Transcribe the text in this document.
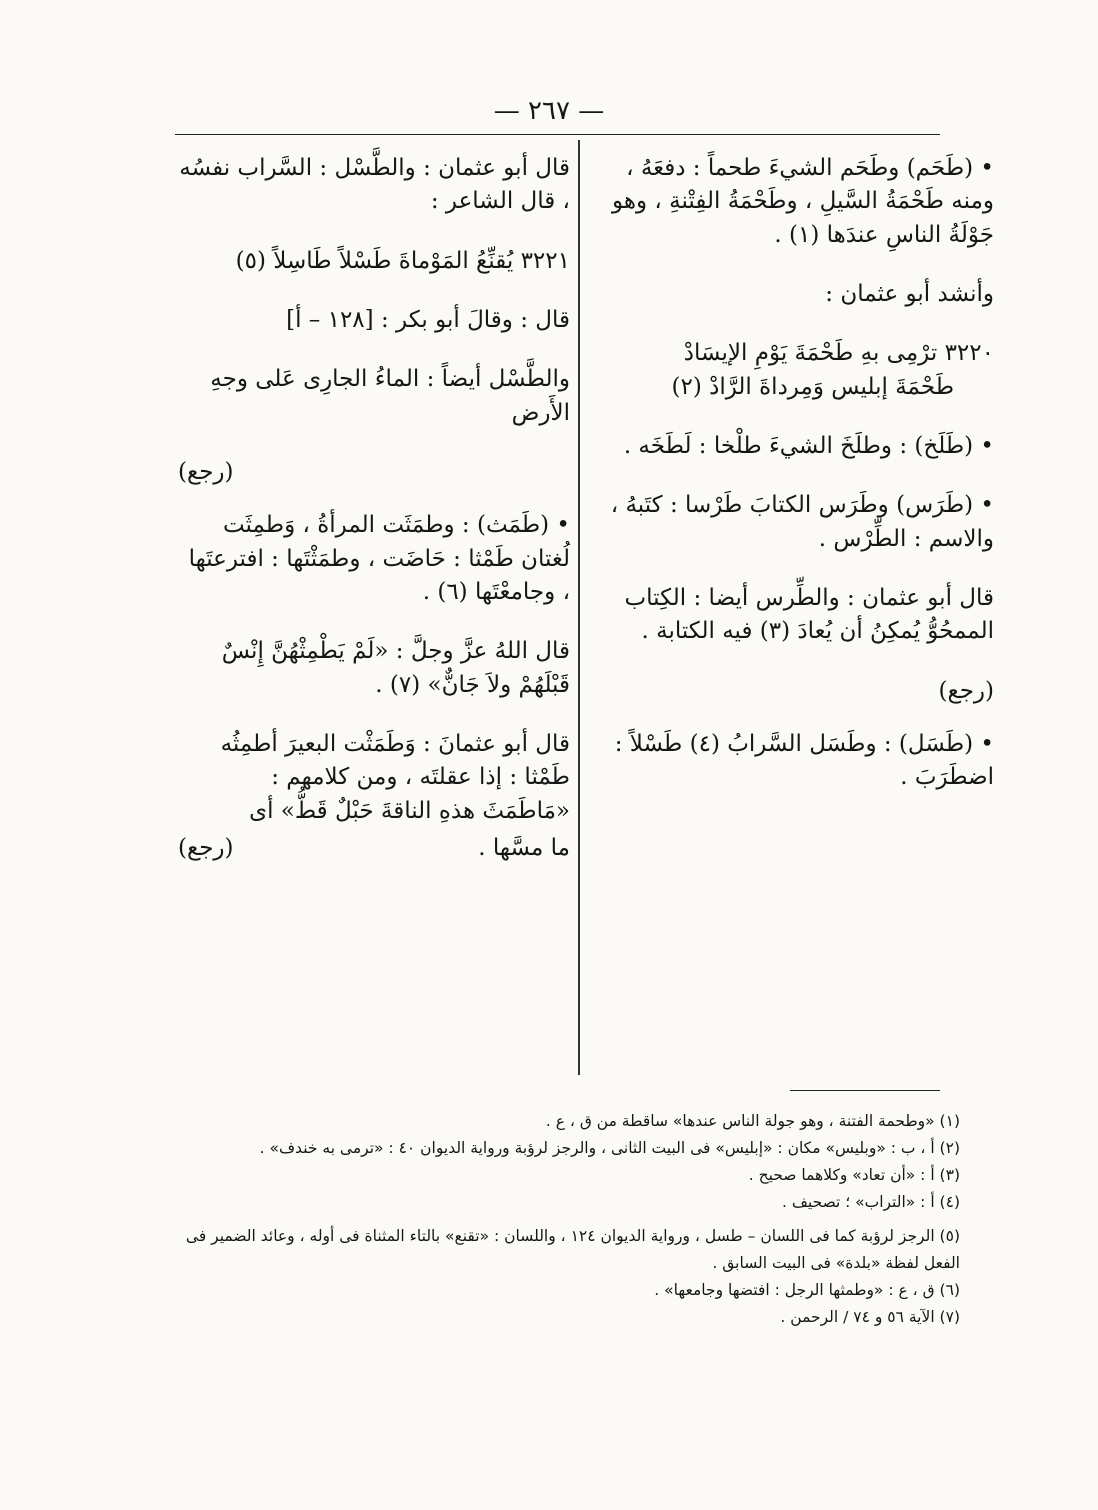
— ٢٦٧ —

• (طَحَم) وطَحَم الشيءَ طحماً : دفعَهُ ، ومنه طَحْمَةُ السَّيلِ ، وطَحْمَةُ الفِتْنةِ ، وهو جَوْلَةُ الناسِ عندَها (١) .

وأنشد أبو عثمان :

٣٢٢٠ ترْمِى بهِ طَحْمَةَ يَوْمِ الإيسَادْ
طَحْمَةَ إبليس وَمِرداةَ الرَّادْ (٢)

• (طَلَخ) : وطلَخَ الشيءَ طلْخا : لَطَخَه .

• (طَرَس) وطَرَس الكتابَ طَرْسا : كتَبهُ ، والاسم : الطِّرْس .

قال أبو عثمان : والطِّرس أيضا : الكِتاب الممحُوُّ يُمكِنُ أن يُعادَ (٣) فيه الكتابة .

(رجع)

• (طَسَل) : وطَسَل السَّرابُ (٤) طَسْلاً : اضطَرَبَ .

قال أبو عثمان : والطَّسْل : السَّراب نفسُه ، قال الشاعر :

٣٢٢١ يُقنِّعُ المَوْماةَ طَسْلاً طَاسِلاً (٥)

قال : وقالَ أبو بكر : [١٢٨ – أ]

والطَّسْل أيضاً : الماءُ الجارِى عَلى وجهِ الأَرض

(رجع)

• (طَمَث) : وطمَثَت المرأةُ ، وَطمِثَت لُغتان طَمْثا : حَاضَت ، وطمَثْتَها : افترعتَها ، وجامعْتَها (٦) .

قال اللهُ عزَّ وجلَّ : «لَمْ يَطْمِثْهُنَّ إِنْسٌ قَبْلَهُمْ ولاَ جَانٌّ» (٧) .

قال أبو عثمانَ : وَطَمَثْت البعيرَ أطمِثُه طَمْثا : إذا عقلتَه ، ومن كلامهم : «مَاطَمَثَ هذهِ الناقةَ حَبْلٌ قَطُّ» أى

ما مسَّها .
(رجع)

(١) «وطحمة الفتنة ، وهو جولة الناس عندها» ساقطة من ق ، ع .

(٢) أ ، ب : «وبليس» مكان : «إبليس» فى البيت الثانى ، والرجز لرؤبة ورواية الديوان ٤٠ : «ترمى به خندف» .

(٣) أ : «أن تعاد» وكلاهما صحيح .

(٤) أ : «التراب» ؛ تصحيف .

(٥) الرجز لرؤبة كما فى اللسان – طسل ، ورواية الديوان ١٢٤ ، واللسان : «تقنع» بالتاء المثناة فى أوله ، وعائد الضمير فى الفعل لفظة «بلدة» فى البيت السابق .

(٦) ق ، ع : «وطمثها الرجل : افتضها وجامعها» .

(٧) الآية ٥٦ و ٧٤ / الرحمن .
